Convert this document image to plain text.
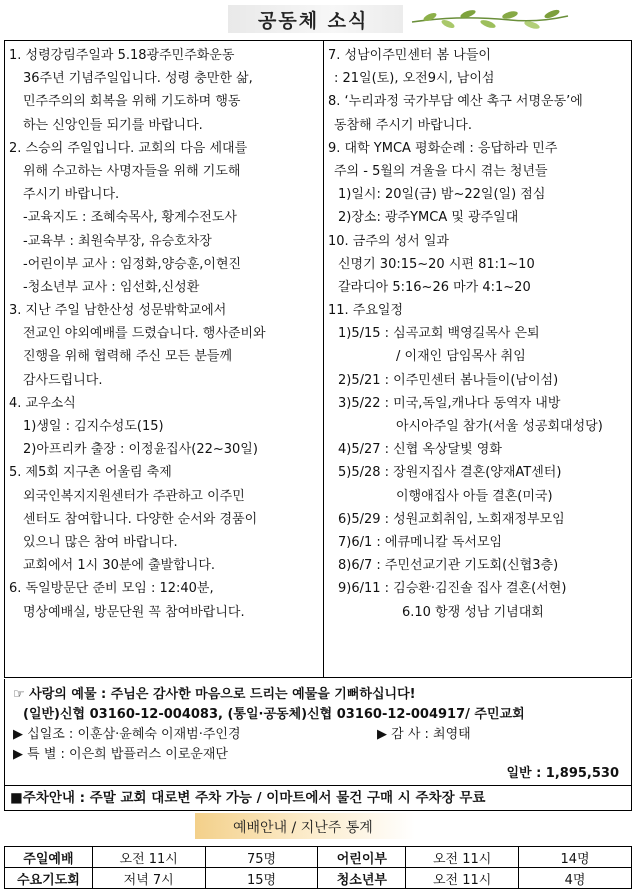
공동체 소식
1. 성령강림주일과 5.18광주민주화운동
36주년 기념주일입니다. 성령 충만한 삶,
민주주의의 회복을 위해 기도하며 행동
하는 신앙인들 되기를 바랍니다.
2. 스승의 주일입니다. 교회의 다음 세대를
위해 수고하는 사명자들을 위해 기도해
주시기 바랍니다.
-교육지도 : 조혜숙목사, 황계수전도사
-교육부 : 최원숙부장, 유승호차장
-어린이부 교사 : 임정화,양승훈,이현진
-청소년부 교사 : 임선화,신성환
3. 지난 주일 남한산성 성문밖학교에서
전교인 야외예배를 드렸습니다. 행사준비와
진행을 위해 협력해 주신 모든 분들께
감사드립니다.
4. 교우소식
1)생일 : 김지수성도(15)
2)아프리카 출장 : 이정윤집사(22~30일)
5. 제5회 지구촌 어울림 축제
외국인복지지원센터가 주관하고 이주민
센터도 참여합니다. 다양한 순서와 경품이
있으니 많은 참여 바랍니다.
교회에서 1시 30분에 출발합니다.
6. 독일방문단 준비 모임 : 12:40분,
명상예배실, 방문단원 꼭 참여바랍니다.
7. 성남이주민센터 봄 나들이
: 21일(토), 오전9시, 남이섬
8. ‘누리과정 국가부담 예산 촉구 서명운동’에
동참해 주시기 바랍니다.
9. 대학 YMCA 평화순례 : 응답하라 민주
주의 - 5월의 겨울을 다시 겪는 청년들
1)일시: 20일(금) 밤~22일(일) 점심
2)장소: 광주YMCA 및 광주일대
10. 금주의 성서 일과
신명기 30:15~20 시편 81:1~10
갈라디아 5:16~26 마가 4:1~20
11. 주요일정
1)5/15 : 심곡교회 백영길목사 은퇴
/ 이재인 담임목사 취임
2)5/21 : 이주민센터 봄나들이(남이섬)
3)5/22 : 미국,독일,캐나다 동역자 내방
아시아주일 참가(서울 성공회대성당)
4)5/27 : 신협 옥상달빛 영화
5)5/28 : 장원지집사 결혼(양재AT센터)
이행애집사 아들 결혼(미국)
6)5/29 : 성원교회취임, 노회재정부모임
7)6/1 : 에큐메니칼 독서모임
8)6/7 : 주민선교기관 기도회(신협3층)
9)6/11 : 김승환·김진솔 집사 결혼(서현)
6.10 항쟁 성남 기념대회
☞ 사랑의 예물 : 주님은 감사한 마음으로 드리는 예물을 기뻐하십니다!
(일반)신협 03160-12-004083, (통일·공동체)신협 03160-12-004917/ 주민교회
▶ 십일조 : 이훈삼·윤혜숙 이재범·주인경	▶ 감 사 : 최영태
▶ 특 별 : 이은희 밥플러스 이로운재단
일반 : 1,895,530
■주차안내 : 주말 교회 대로변 주차 가능 / 이마트에서 물건 구매 시 주차장 무료
예배안내 / 지난주 통계
주일예배	오전 11시	75명	어린이부	오전 11시	14명
수요기도회	저녁 7시	15명	청소년부	오전 11시	4명
